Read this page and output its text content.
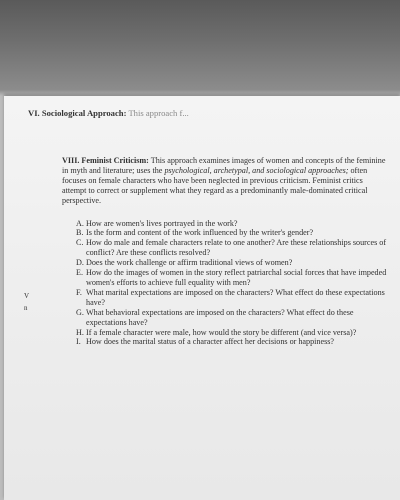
VI. Sociological Approach: This approach f...
V
n

VIII. Feminist Criticism: This approach examines images of women and concepts of the feminine in myth and literature; uses the psychological, archetypal, and sociological approaches; often focuses on female characters who have been neglected in previous criticism. Feminist critics attempt to correct or supplement what they regard as a predominantly male-dominated critical perspective.

A. How are women's lives portrayed in the work?
B. Is the form and content of the work influenced by the writer's gender?
C. How do male and female characters relate to one another? Are these relationships sources of conflict? Are these conflicts resolved?
D. Does the work challenge or affirm traditional views of women?
E. How do the images of women in the story reflect patriarchal social forces that have impeded women's efforts to achieve full equality with men?
F. What marital expectations are imposed on the characters? What effect do these expectations have?
G. What behavioral expectations are imposed on the characters? What effect do these expectations have?
H. If a female character were male, how would the story be different (and vice versa)?
I. How does the marital status of a character affect her decisions or happiness?
